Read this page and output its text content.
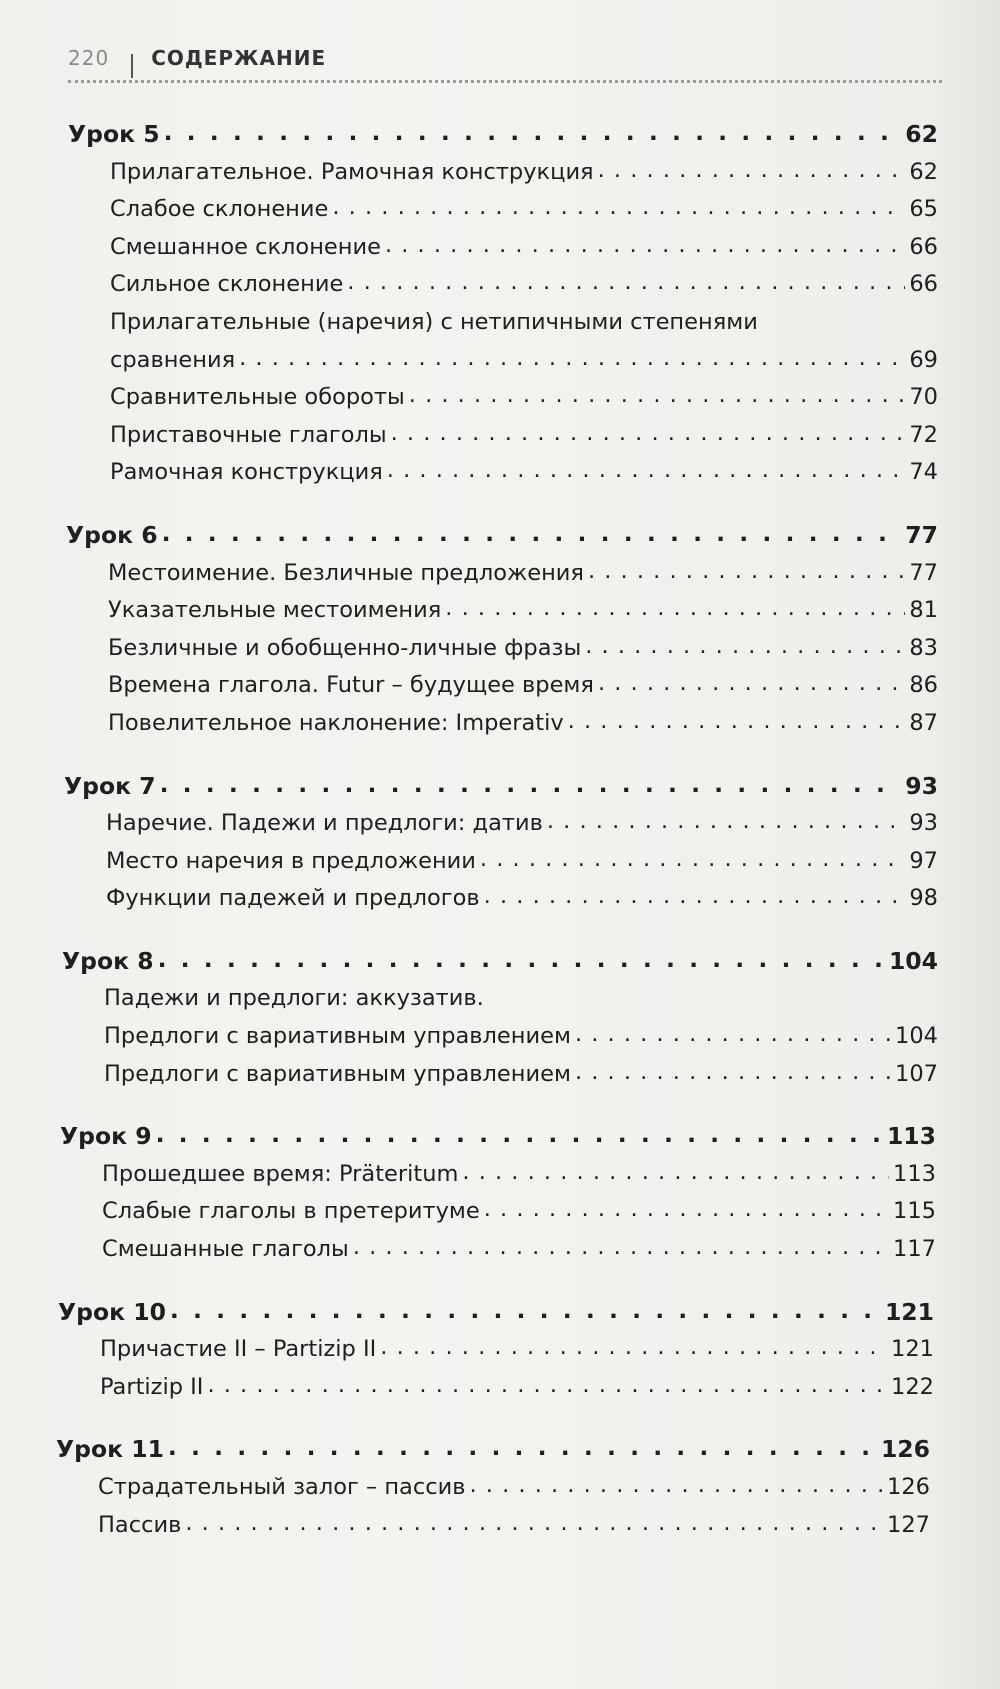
220 СОДЕРЖАНИЕ
Урок 5 . . .	62
Прилагательное. Рамочная конструкция . . .	62
Слабое склонение . . .	65
Смешанное склонение . . .	66
Сильное склонение . . .	66
Прилагательные (наречия) с нетипичными степенями
сравнения . . .	69
Сравнительные обороты . . .	70
Приставочные глаголы . . .	72
Рамочная конструкция . . .	74
Урок 6 . . .	77
Местоимение. Безличные предложения . . .	77
Указательные местоимения . . .	81
Безличные и обобщенно-личные фразы . . .	83
Времена глагола. Futur – будущее время . . .	86
Повелительное наклонение: Imperativ . . .	87
Урок 7 . . .	93
Наречие. Падежи и предлоги: датив . . .	93
Место наречия в предложении . . .	97
Функции падежей и предлогов . . .	98
Урок 8 . . .	104
Падежи и предлоги: аккузатив.
Предлоги с вариативным управлением . . .	104
Предлоги с вариативным управлением . . .	107
Урок 9 . . .	113
Прошедшее время: Präteritum . . .	113
Слабые глаголы в претеритуме . . .	115
Смешанные глаголы . . .	117
Урок 10 . . .	121
Причастие II – Partizip II . . .	121
Partizip II . . .	122
Урок 11 . . .	126
Страдательный залог – пассив . . .	126
Пассив . . .	127
